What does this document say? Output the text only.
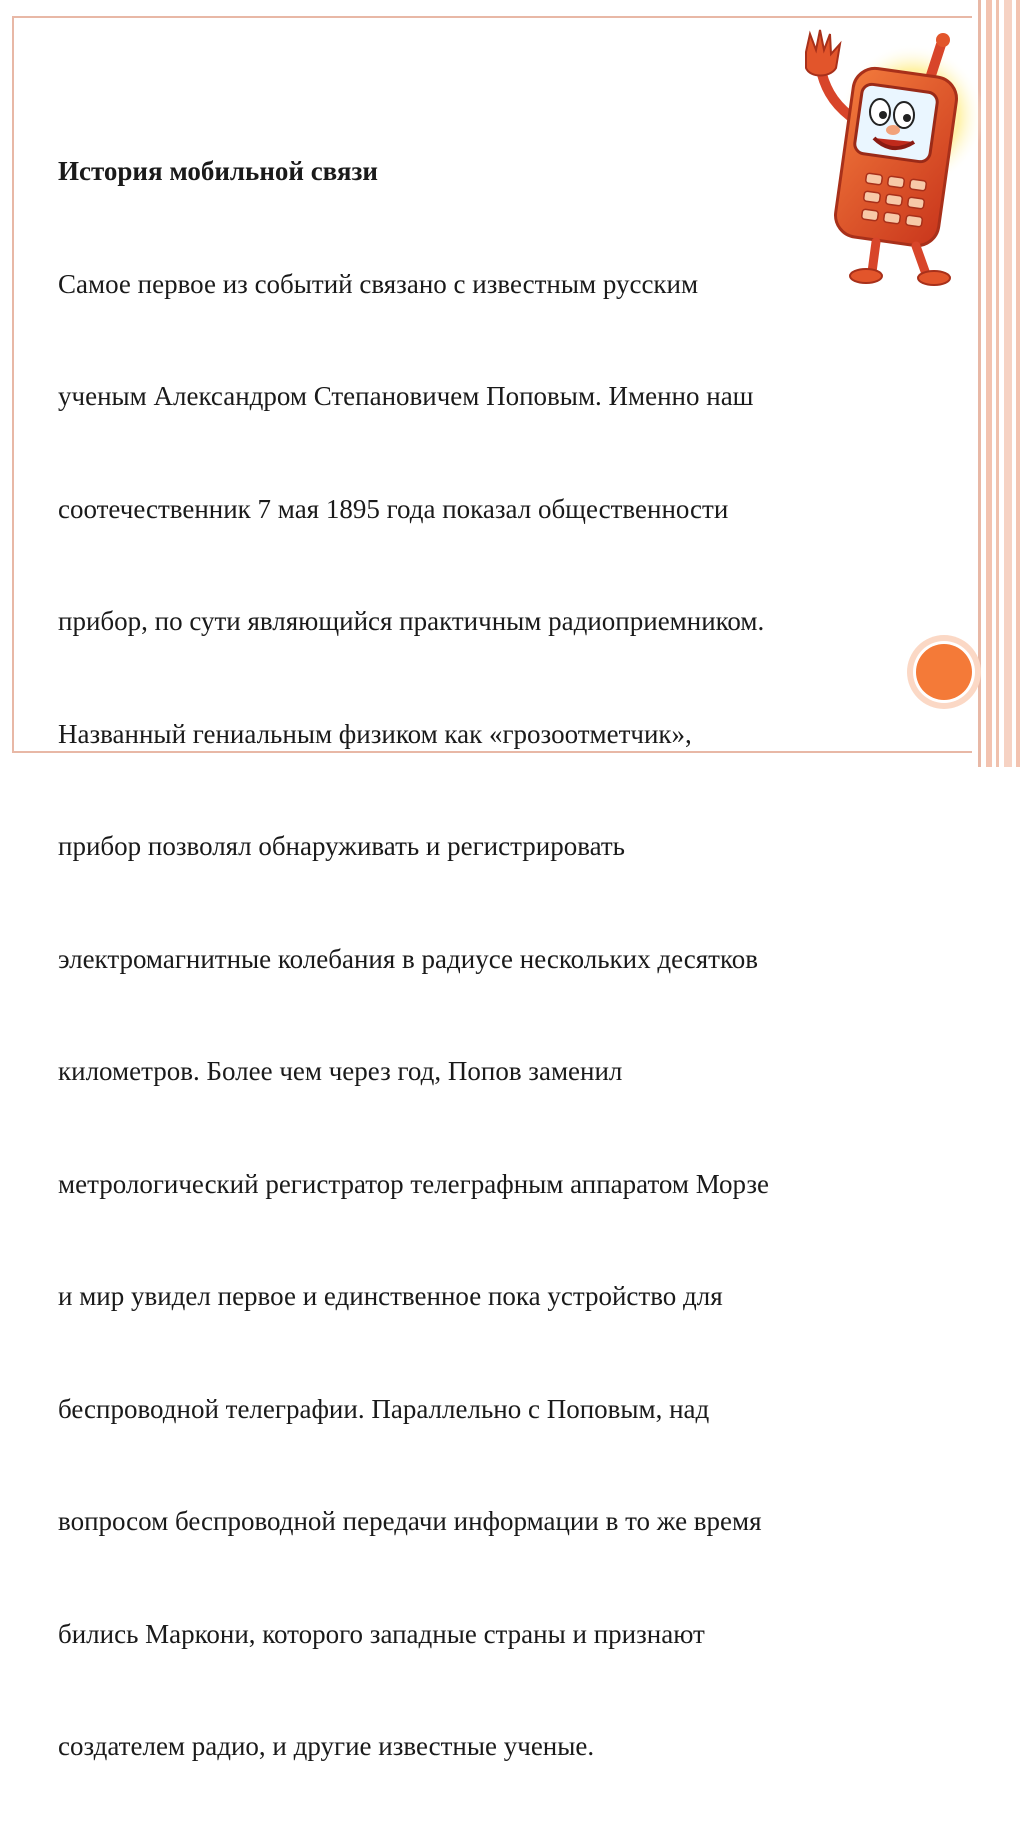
История мобильной связи

Самое первое из событий связано с известным русским

ученым Александром Степановичем Поповым. Именно наш

соотечественник 7 мая 1895 года показал общественности

прибор, по сути являющийся практичным радиоприемником.

Названный гениальным физиком как «грозоотметчик»,

прибор позволял обнаруживать и регистрировать

электромагнитные колебания в радиусе нескольких десятков

километров. Более чем через год, Попов заменил

метрологический регистратор телеграфным аппаратом Морзе

и мир увидел первое и единственное пока устройство для

беспроводной телеграфии. Параллельно с Поповым, над

вопросом беспроводной передачи информации в то же время

бились Маркони, которого западные страны и признают

создателем радио, и другие известные ученые.
